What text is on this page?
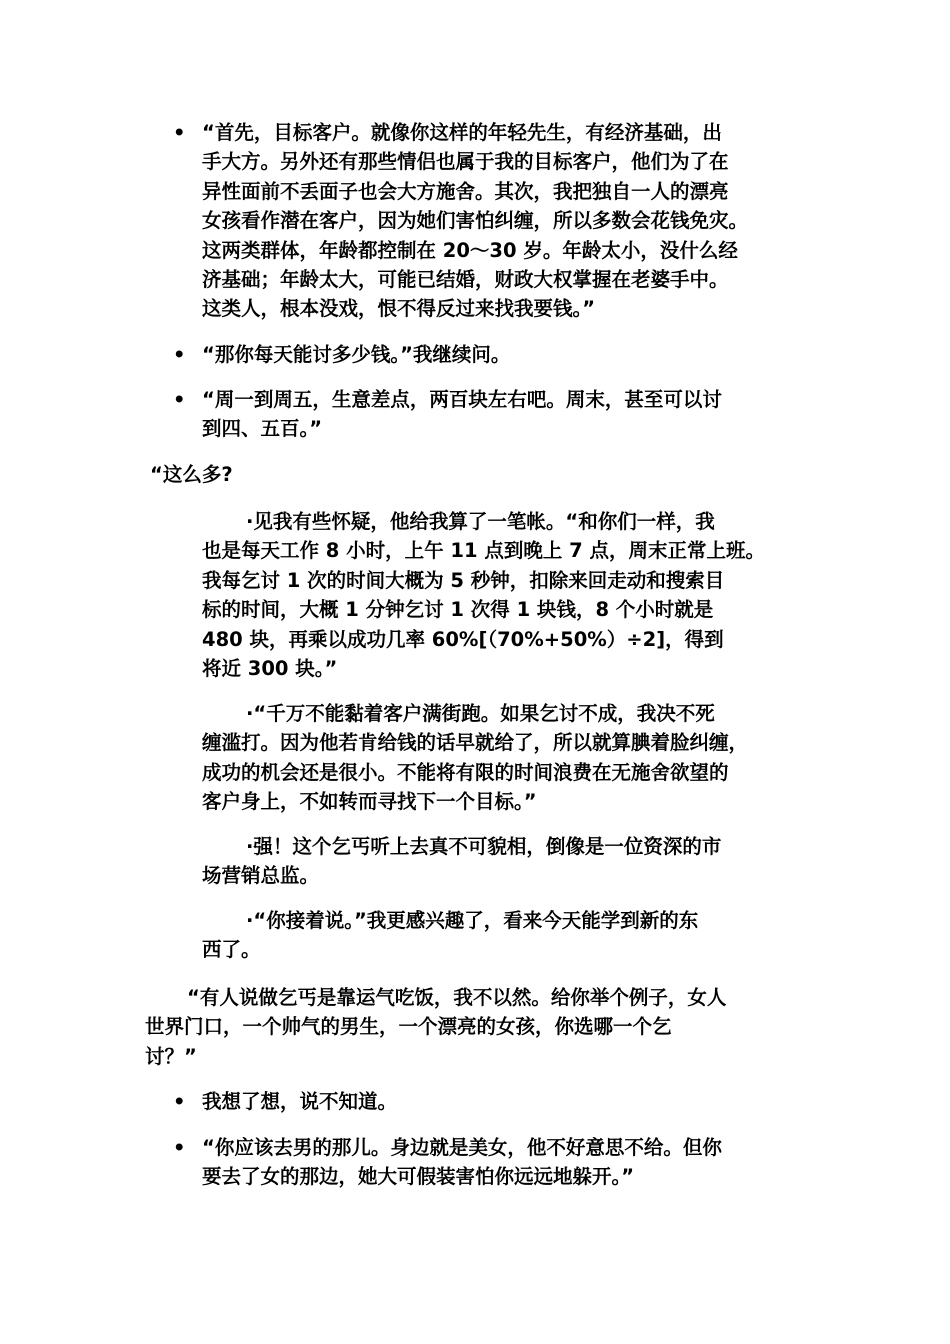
•
“首先，目标客户。就像你这样的年轻先生，有经济基础，出
手大方。另外还有那些情侣也属于我的目标客户，他们为了在
异性面前不丢面子也会大方施舍。其次，我把独自一人的漂亮
女孩看作潜在客户，因为她们害怕纠缠，所以多数会花钱免灾。
这两类群体，年龄都控制在 20～30 岁。年龄太小，没什么经
济基础；年龄太大，可能已结婚，财政大权掌握在老婆手中。
这类人，根本没戏，恨不得反过来找我要钱。”
•
“那你每天能讨多少钱。”我继续问。
•
“周一到周五，生意差点，两百块左右吧。周末，甚至可以讨
到四、五百。”
“这么多?
·见我有些怀疑，他给我算了一笔帐。“和你们一样，我
也是每天工作 8 小时，上午 11 点到晚上 7 点，周末正常上班。
我每乞讨 1 次的时间大概为 5 秒钟，扣除来回走动和搜索目
标的时间，大概 1 分钟乞讨 1 次得 1 块钱，8 个小时就是
480 块，再乘以成功几率 60%[（70%+50%）÷2]，得到
将近 300 块。”
·“千万不能黏着客户满街跑。如果乞讨不成，我决不死
缠滥打。因为他若肯给钱的话早就给了，所以就算腆着脸纠缠，
成功的机会还是很小。不能将有限的时间浪费在无施舍欲望的
客户身上，不如转而寻找下一个目标。”
·强！这个乞丐听上去真不可貌相，倒像是一位资深的市
场营销总监。
·“你接着说。”我更感兴趣了，看来今天能学到新的东
西了。
“有人说做乞丐是靠运气吃饭，我不以然。给你举个例子，女人
世界门口，一个帅气的男生，一个漂亮的女孩，你选哪一个乞
讨？”
•
我想了想，说不知道。
•
“你应该去男的那儿。身边就是美女，他不好意思不给。但你
要去了女的那边，她大可假装害怕你远远地躲开。”
